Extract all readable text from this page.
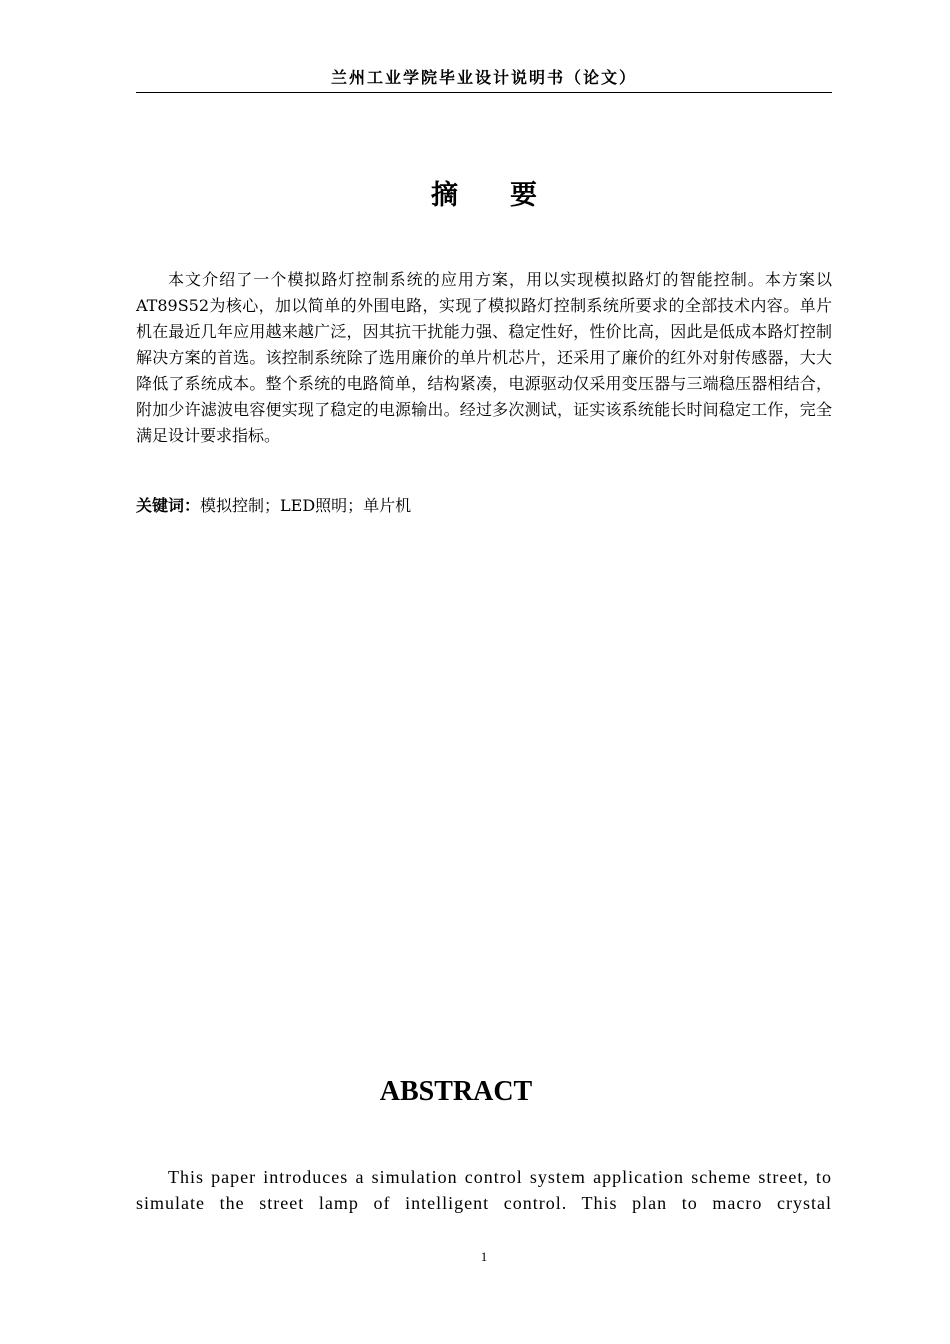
兰州工业学院毕业设计说明书（论文）
摘要

本文介绍了一个模拟路灯控制系统的应用方案，用以实现模拟路灯的智能控制。本方案以AT89S52为核心，加以简单的外围电路，实现了模拟路灯控制系统所要求的全部技术内容。单片机在最近几年应用越来越广泛，因其抗干扰能力强、稳定性好，性价比高，因此是低成本路灯控制解决方案的首选。该控制系统除了选用廉价的单片机芯片，还采用了廉价的红外对射传感器，大大降低了系统成本。整个系统的电路简单，结构紧凑，电源驱动仅采用变压器与三端稳压器相结合，附加少许滤波电容便实现了稳定的电源输出。经过多次测试，证实该系统能长时间稳定工作，完全满足设计要求指标。

关键词：模拟控制；LED照明；单片机

ABSTRACT

This paper introduces a simulation control system application scheme street, to simulate the street lamp of intelligent control. This plan to macro crystal

1
